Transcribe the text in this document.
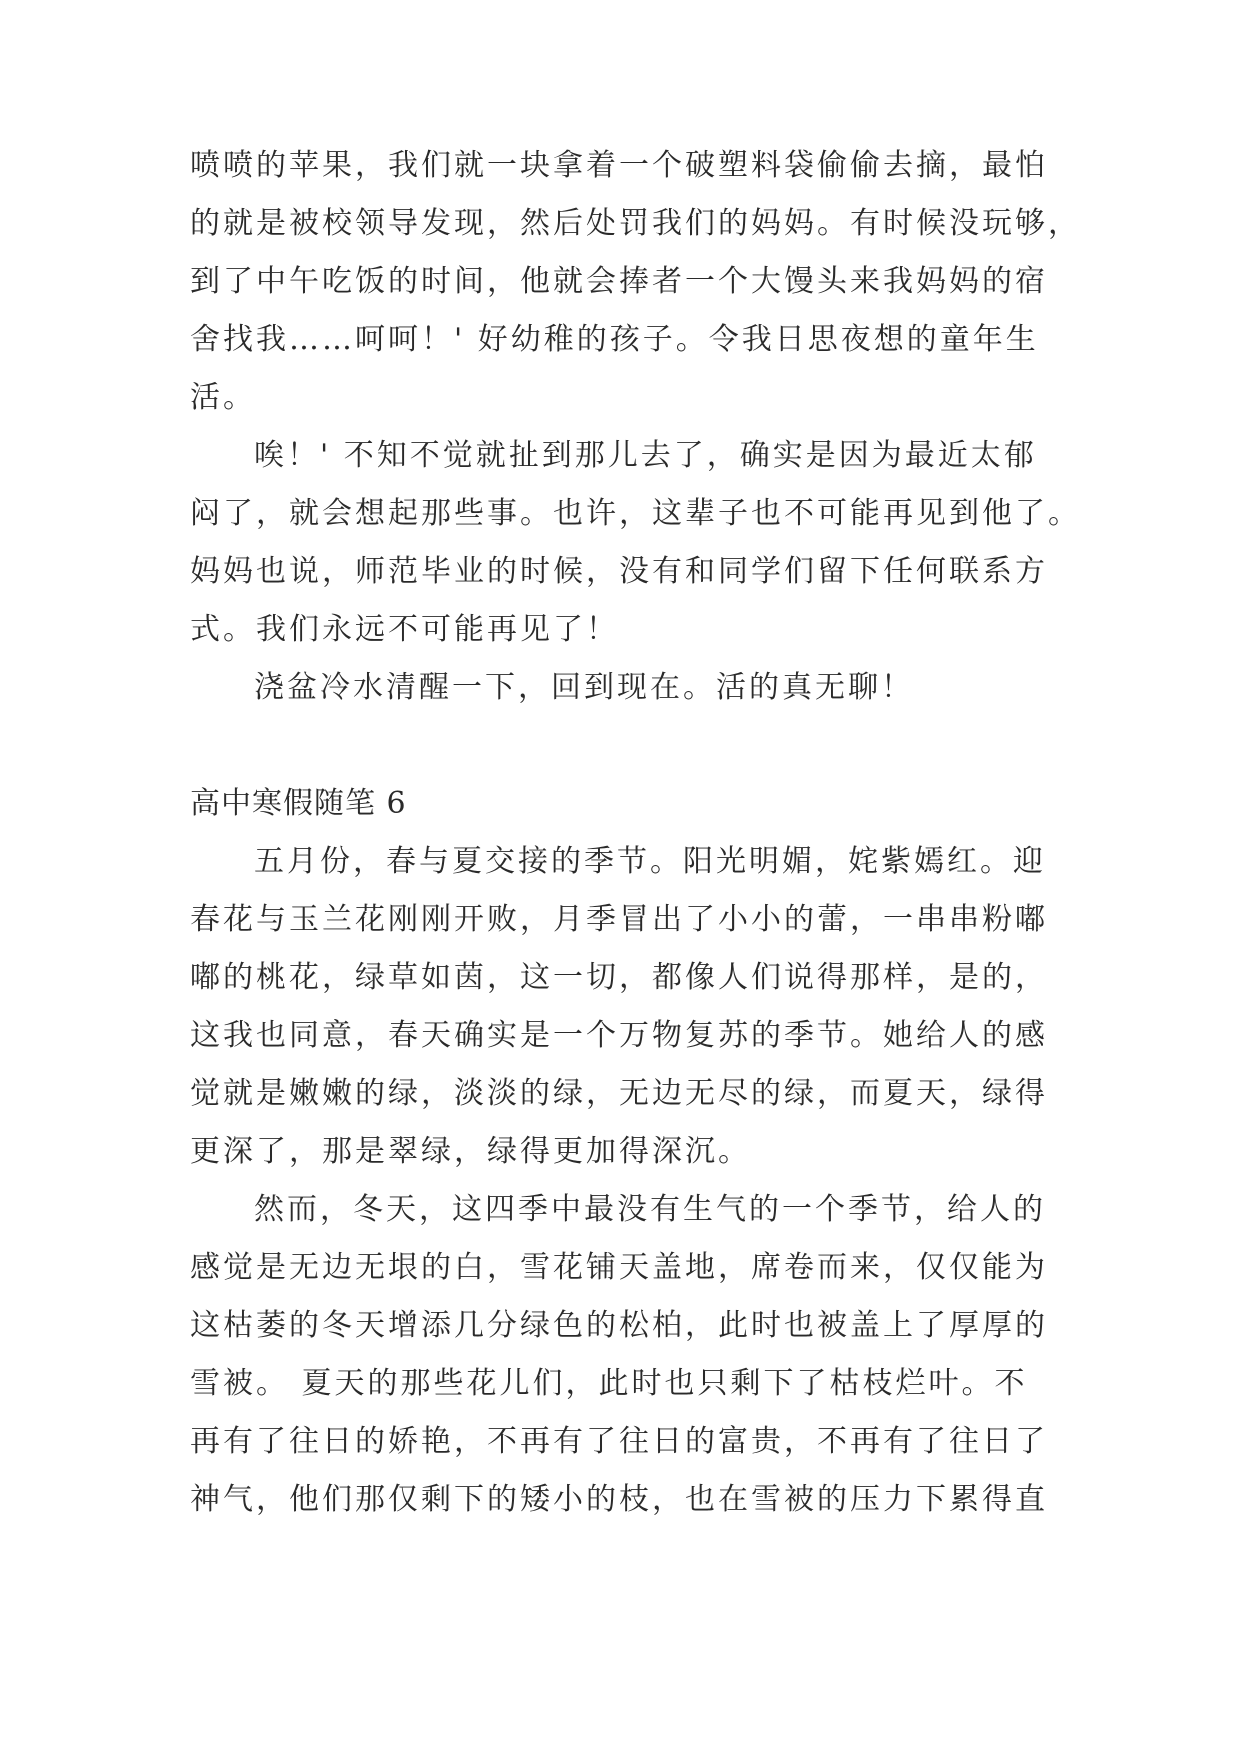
喷喷的苹果，我们就一块拿着一个破塑料袋偷偷去摘，最怕
的就是被校领导发现，然后处罚我们的妈妈。有时候没玩够，
到了中午吃饭的时间，他就会捧者一个大馒头来我妈妈的宿
舍找我……呵呵！' 好幼稚的孩子。令我日思夜想的童年生
活。
唉！' 不知不觉就扯到那儿去了，确实是因为最近太郁
闷了，就会想起那些事。也许，这辈子也不可能再见到他了。
妈妈也说，师范毕业的时候，没有和同学们留下任何联系方
式。我们永远不可能再见了！
浇盆冷水清醒一下，回到现在。活的真无聊！
高中寒假随笔 6
五月份，春与夏交接的季节。阳光明媚，姹紫嫣红。迎
春花与玉兰花刚刚开败，月季冒出了小小的蕾，一串串粉嘟
嘟的桃花，绿草如茵，这一切，都像人们说得那样，是的，
这我也同意，春天确实是一个万物复苏的季节。她给人的感
觉就是嫩嫩的绿，淡淡的绿，无边无尽的绿，而夏天，绿得
更深了，那是翠绿，绿得更加得深沉。
然而，冬天，这四季中最没有生气的一个季节，给人的
感觉是无边无垠的白，雪花铺天盖地，席卷而来，仅仅能为
这枯萎的冬天增添几分绿色的松柏，此时也被盖上了厚厚的
雪被。 夏天的那些花儿们，此时也只剩下了枯枝烂叶。不
再有了往日的娇艳，不再有了往日的富贵，不再有了往日了
神气，他们那仅剩下的矮小的枝，也在雪被的压力下累得直
